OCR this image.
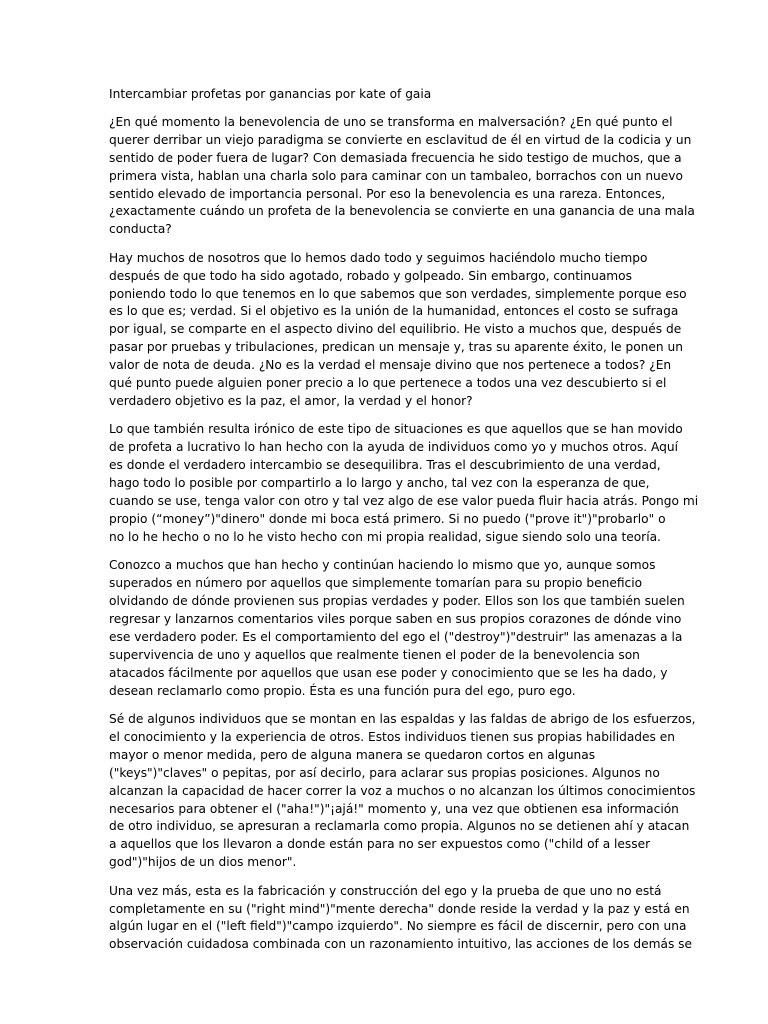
Intercambiar profetas por ganancias por kate of gaia
¿En qué momento la benevolencia de uno se transforma en malversación? ¿En qué punto el
querer derribar un viejo paradigma se convierte en esclavitud de él en virtud de la codicia y un
sentido de poder fuera de lugar? Con demasiada frecuencia he sido testigo de muchos, que a
primera vista, hablan una charla solo para caminar con un tambaleo, borrachos con un nuevo
sentido elevado de importancia personal. Por eso la benevolencia es una rareza. Entonces,
¿exactamente cuándo un profeta de la benevolencia se convierte en una ganancia de una mala
conducta?
Hay muchos de nosotros que lo hemos dado todo y seguimos haciéndolo mucho tiempo
después de que todo ha sido agotado, robado y golpeado. Sin embargo, continuamos
poniendo todo lo que tenemos en lo que sabemos que son verdades, simplemente porque eso
es lo que es; verdad. Si el objetivo es la unión de la humanidad, entonces el costo se sufraga
por igual, se comparte en el aspecto divino del equilibrio. He visto a muchos que, después de
pasar por pruebas y tribulaciones, predican un mensaje y, tras su aparente éxito, le ponen un
valor de nota de deuda. ¿No es la verdad el mensaje divino que nos pertenece a todos? ¿En
qué punto puede alguien poner precio a lo que pertenece a todos una vez descubierto si el
verdadero objetivo es la paz, el amor, la verdad y el honor?
Lo que también resulta irónico de este tipo de situaciones es que aquellos que se han movido
de profeta a lucrativo lo han hecho con la ayuda de individuos como yo y muchos otros. Aquí
es donde el verdadero intercambio se desequilibra. Tras el descubrimiento de una verdad,
hago todo lo posible por compartirlo a lo largo y ancho, tal vez con la esperanza de que,
cuando se use, tenga valor con otro y tal vez algo de ese valor pueda fluir hacia atrás. Pongo mi
propio (“money”)"dinero" donde mi boca está primero. Si no puedo ("prove it")"probarlo" o
no lo he hecho o no lo he visto hecho con mi propia realidad, sigue siendo solo una teoría.
Conozco a muchos que han hecho y continúan haciendo lo mismo que yo, aunque somos
superados en número por aquellos que simplemente tomarían para su propio beneficio
olvidando de dónde provienen sus propias verdades y poder. Ellos son los que también suelen
regresar y lanzarnos comentarios viles porque saben en sus propios corazones de dónde vino
ese verdadero poder. Es el comportamiento del ego el ("destroy")"destruir" las amenazas a la
supervivencia de uno y aquellos que realmente tienen el poder de la benevolencia son
atacados fácilmente por aquellos que usan ese poder y conocimiento que se les ha dado, y
desean reclamarlo como propio. Ésta es una función pura del ego, puro ego.
Sé de algunos individuos que se montan en las espaldas y las faldas de abrigo de los esfuerzos,
el conocimiento y la experiencia de otros. Estos individuos tienen sus propias habilidades en
mayor o menor medida, pero de alguna manera se quedaron cortos en algunas
("keys")"claves" o pepitas, por así decirlo, para aclarar sus propias posiciones. Algunos no
alcanzan la capacidad de hacer correr la voz a muchos o no alcanzan los últimos conocimientos
necesarios para obtener el ("aha!")"¡ajá!" momento y, una vez que obtienen esa información
de otro individuo, se apresuran a reclamarla como propia. Algunos no se detienen ahí y atacan
a aquellos que los llevaron a donde están para no ser expuestos como ("child of a lesser
god")"hijos de un dios menor".
Una vez más, esta es la fabricación y construcción del ego y la prueba de que uno no está
completamente en su ("right mind")"mente derecha" donde reside la verdad y la paz y está en
algún lugar en el ("left field")"campo izquierdo". No siempre es fácil de discernir, pero con una
observación cuidadosa combinada con un razonamiento intuitivo, las acciones de los demás se
